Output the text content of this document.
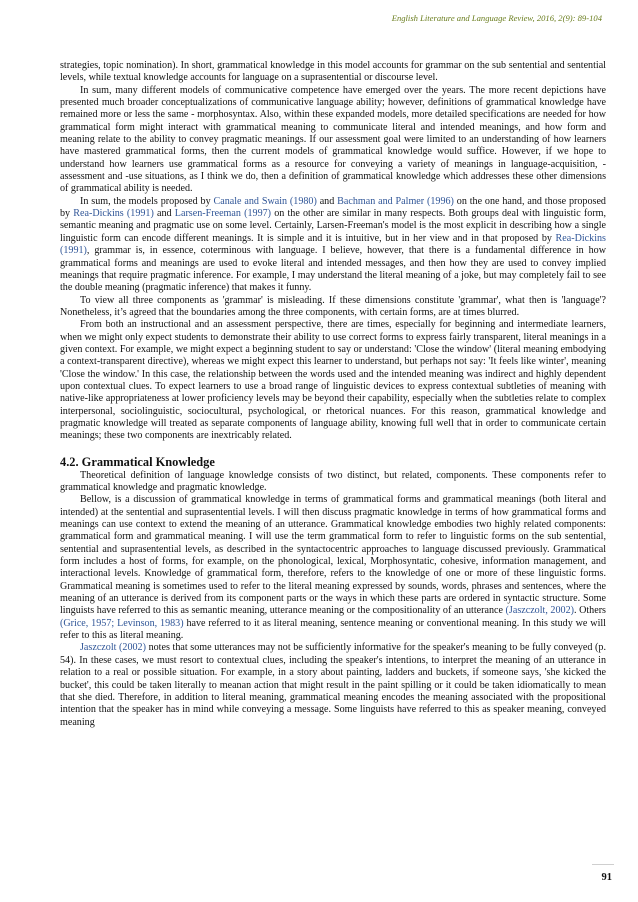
English Literature and Language Review, 2016, 2(9): 89-104

strategies, topic nomination). In short, grammatical knowledge in this model accounts for grammar on the sub sentential and sentential levels, while textual knowledge accounts for language on a suprasentential or discourse level.

In sum, many different models of communicative competence have emerged over the years. The more recent depictions have presented much broader conceptualizations of communicative language ability; however, definitions of grammatical knowledge have remained more or less the same - morphosyntax. Also, within these expanded models, more detailed specifications are needed for how grammatical form might interact with grammatical meaning to communicate literal and intended meanings, and how form and meaning relate to the ability to convey pragmatic meanings. If our assessment goal were limited to an understanding of how learners have mastered grammatical forms, then the current models of grammatical knowledge would suffice. However, if we hope to understand how learners use grammatical forms as a resource for conveying a variety of meanings in language-acquisition, -assessment and -use situations, as I think we do, then a definition of grammatical knowledge which addresses these other dimensions of grammatical ability is needed.

In sum, the models proposed by Canale and Swain (1980) and Bachman and Palmer (1996) on the one hand, and those proposed by Rea-Dickins (1991) and Larsen-Freeman (1997) on the other are similar in many respects. Both groups deal with linguistic form, semantic meaning and pragmatic use on some level. Certainly, Larsen-Freeman's model is the most explicit in describing how a single linguistic form can encode different meanings. It is simple and it is intuitive, but in her view and in that proposed by Rea-Dickins (1991), grammar is, in essence, coterminous with language. I believe, however, that there is a fundamental difference in how grammatical forms and meanings are used to evoke literal and intended messages, and then how they are used to convey implied meanings that require pragmatic inference. For example, I may understand the literal meaning of a joke, but may completely fail to see the double meaning (pragmatic inference) that makes it funny.

To view all three components as 'grammar' is misleading. If these dimensions constitute 'grammar', what then is 'language'? Nonetheless, it’s agreed that the boundaries among the three components, with certain forms, are at times blurred.

From both an instructional and an assessment perspective, there are times, especially for beginning and intermediate learners, when we might only expect students to demonstrate their ability to use correct forms to express fairly transparent, literal meanings in a given context. For example, we might expect a beginning student to say or understand: 'Close the window' (literal meaning embodying a context-transparent directive), whereas we might expect this learner to understand, but perhaps not say: 'It feels like winter', meaning 'Close the window.' In this case, the relationship between the words used and the intended meaning was indirect and highly dependent upon contextual clues. To expect learners to use a broad range of linguistic devices to express contextual subtleties of meaning with native-like appropriateness at lower proficiency levels may be beyond their capability, especially when the subtleties relate to complex interpersonal, sociolinguistic, sociocultural, psychological, or rhetorical nuances. For this reason, grammatical knowledge and pragmatic knowledge will treated as separate components of language ability, knowing full well that in order to communicate certain meanings; these two components are inextricably related.

4.2. Grammatical Knowledge

Theoretical definition of language knowledge consists of two distinct, but related, components. These components refer to grammatical knowledge and pragmatic knowledge.

Bellow, is a discussion of grammatical knowledge in terms of grammatical forms and grammatical meanings (both literal and intended) at the sentential and suprasentential levels. I will then discuss pragmatic knowledge in terms of how grammatical forms and meanings can use context to extend the meaning of an utterance. Grammatical knowledge embodies two highly related components: grammatical form and grammatical meaning. I will use the term grammatical form to refer to linguistic forms on the sub sentential, sentential and suprasentential levels, as described in the syntactocentric approaches to language discussed previously. Grammatical form includes a host of forms, for example, on the phonological, lexical, Morphosyntatic, cohesive, information management, and interactional levels. Knowledge of grammatical form, therefore, refers to the knowledge of one or more of these linguistic forms. Grammatical meaning is sometimes used to refer to the literal meaning expressed by sounds, words, phrases and sentences, where the meaning of an utterance is derived from its component parts or the ways in which these parts are ordered in syntactic structure. Some linguists have referred to this as semantic meaning, utterance meaning or the compositionality of an utterance (Jaszczolt, 2002). Others (Grice, 1957; Levinson, 1983) have referred to it as literal meaning, sentence meaning or conventional meaning. In this study we will refer to this as literal meaning.

Jaszczolt (2002) notes that some utterances may not be sufficiently informative for the speaker's meaning to be fully conveyed (p. 54). In these cases, we must resort to contextual clues, including the speaker's intentions, to interpret the meaning of an utterance in relation to a real or possible situation. For example, in a story about painting, ladders and buckets, if someone says, 'she kicked the bucket', this could be taken literally to meanan action that might result in the paint spilling or it could be taken idiomatically to mean that she died. Therefore, in addition to literal meaning, grammatical meaning encodes the meaning associated with the propositional intention that the speaker has in mind while conveying a message. Some linguists have referred to this as speaker meaning, conveyed meaning

91
